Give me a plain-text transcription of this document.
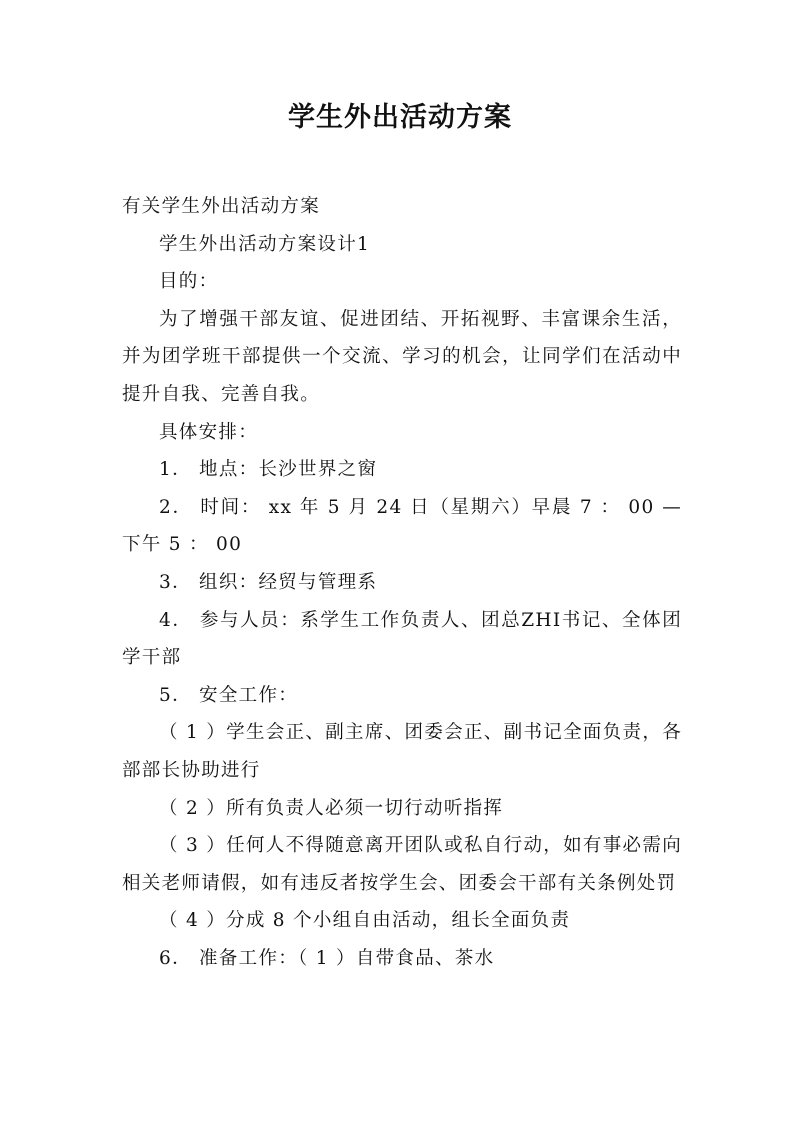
学生外出活动方案

有关学生外出活动方案

学生外出活动方案设计1

目的：

为了增强干部友谊、促进团结、开拓视野、丰富课余生活，并为团学班干部提供一个交流、学习的机会，让同学们在活动中提升自我、完善自我。

具体安排：

1． 地点：长沙世界之窗

2． 时间： xx 年 5 月 24 日（星期六）早晨 7 ： 00 —下午 5 ： 00

3． 组织：经贸与管理系

4． 参与人员：系学生工作负责人、团总ZHI书记、全体团学干部

5． 安全工作：

（ 1 ）学生会正、副主席、团委会正、副书记全面负责，各部部长协助进行

（ 2 ）所有负责人必须一切行动听指挥

（ 3 ）任何人不得随意离开团队或私自行动，如有事必需向相关老师请假，如有违反者按学生会、团委会干部有关条例处罚

（ 4 ）分成 8 个小组自由活动，组长全面负责

6． 准备工作：（ 1 ）自带食品、茶水
